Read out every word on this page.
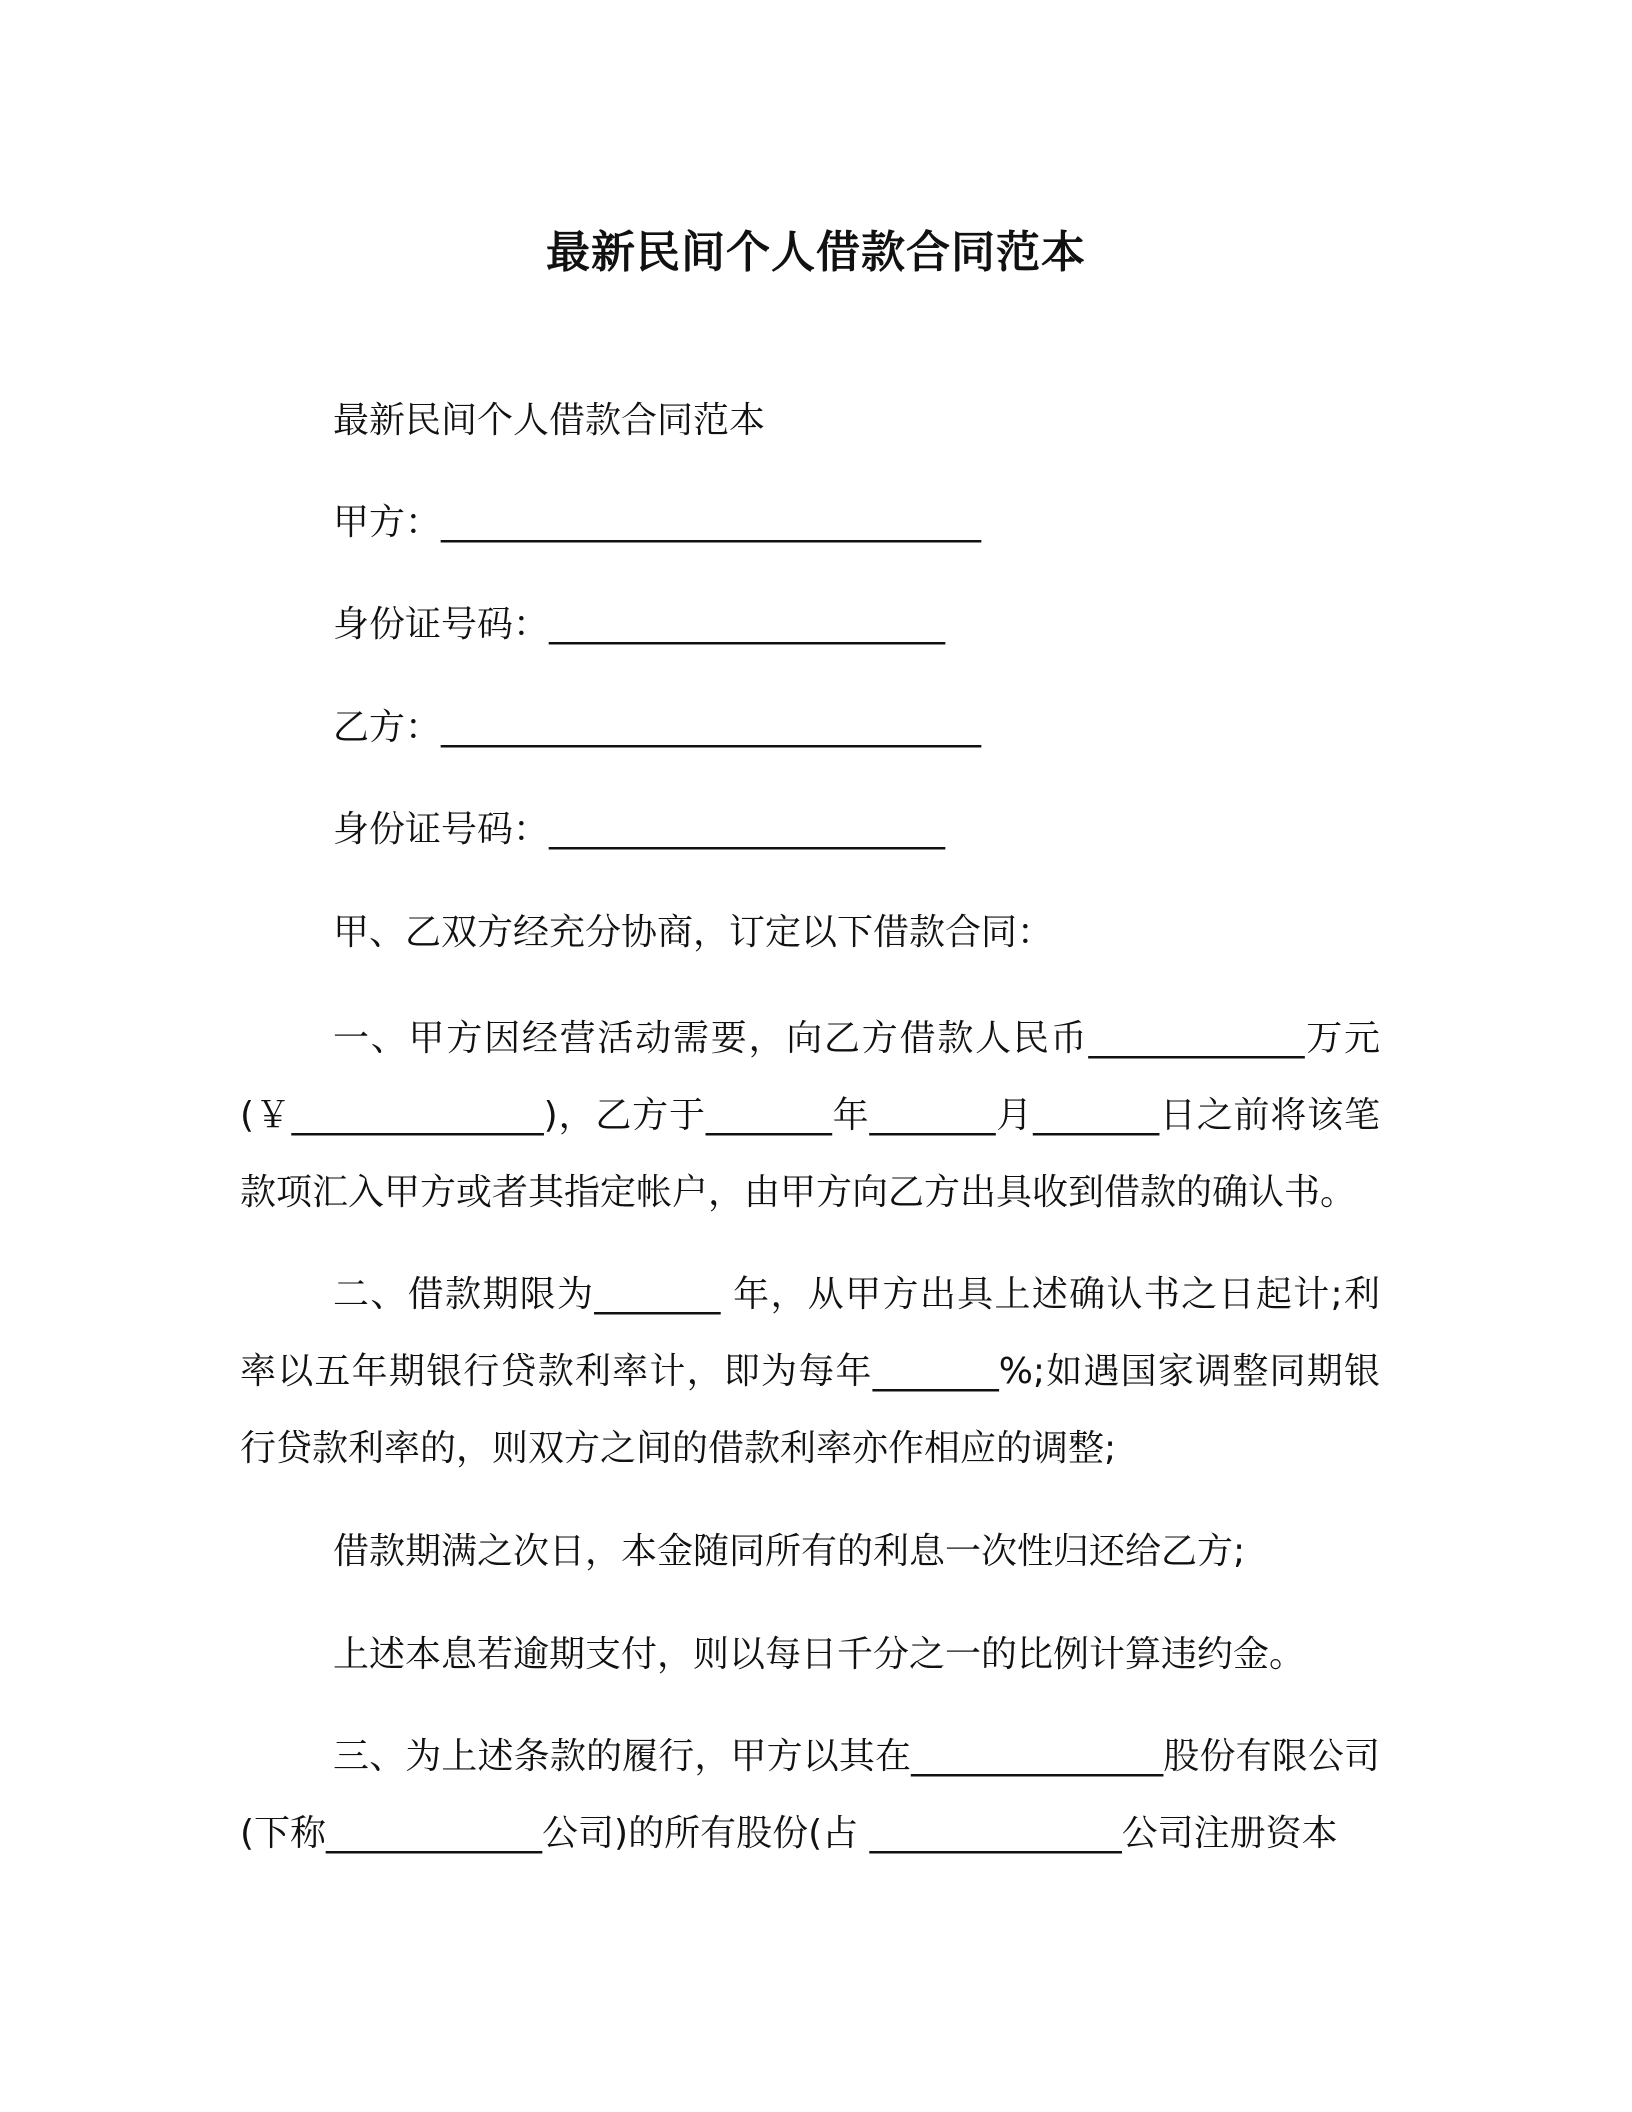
最新民间个人借款合同范本
最新民间个人借款合同范本
甲方：______________________________
身份证号码：______________________
乙方：______________________________
身份证号码：______________________
甲、乙双方经充分协商，订定以下借款合同：
一、甲方因经营活动需要，向乙方借款人民币____________万元(￥______________)，乙方于_______年_______月_______日之前将该笔款项汇入甲方或者其指定帐户，由甲方向乙方出具收到借款的确认书。
二、借款期限为_______ 年，从甲方出具上述确认书之日起计;利率以五年期银行贷款利率计，即为每年_______%;如遇国家调整同期银行贷款利率的，则双方之间的借款利率亦作相应的调整;
借款期满之次日，本金随同所有的利息一次性归还给乙方;
上述本息若逾期支付，则以每日千分之一的比例计算违约金。
三、为上述条款的履行，甲方以其在______________股份有限公司(下称____________公司)的所有股份(占 ______________公司注册资本
